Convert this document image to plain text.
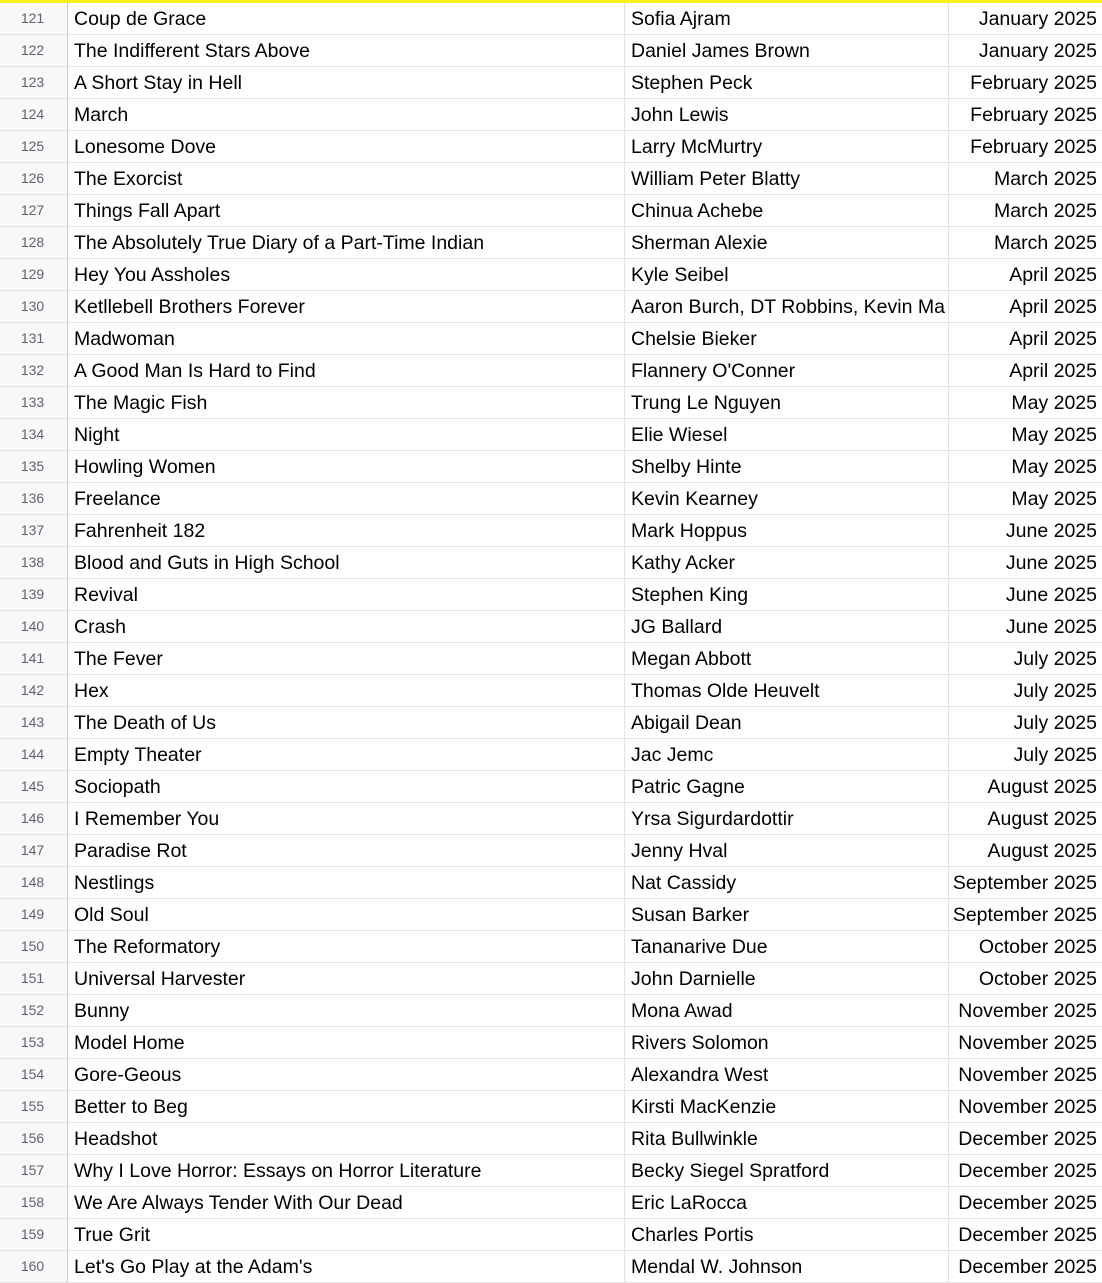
121	Coup de Grace	Sofia Ajram	January 2025
122	The Indifferent Stars Above	Daniel James Brown	January 2025
123	A Short Stay in Hell	Stephen Peck	February 2025
124	March	John Lewis	February 2025
125	Lonesome Dove	Larry McMurtry	February 2025
126	The Exorcist	William Peter Blatty	March 2025
127	Things Fall Apart	Chinua Achebe	March 2025
128	The Absolutely True Diary of a Part-Time Indian	Sherman Alexie	March 2025
129	Hey You Assholes	Kyle Seibel	April 2025
130	Ketllebell Brothers Forever	Aaron Burch, DT Robbins, Kevin Ma	April 2025
131	Madwoman	Chelsie Bieker	April 2025
132	A Good Man Is Hard to Find	Flannery O'Conner	April 2025
133	The Magic Fish	Trung Le Nguyen	May 2025
134	Night	Elie Wiesel	May 2025
135	Howling Women	Shelby Hinte	May 2025
136	Freelance	Kevin Kearney	May 2025
137	Fahrenheit 182	Mark Hoppus	June 2025
138	Blood and Guts in High School	Kathy Acker	June 2025
139	Revival	Stephen King	June 2025
140	Crash	JG Ballard	June 2025
141	The Fever	Megan Abbott	July 2025
142	Hex	Thomas Olde Heuvelt	July 2025
143	The Death of Us	Abigail Dean	July 2025
144	Empty Theater	Jac Jemc	July 2025
145	Sociopath	Patric Gagne	August 2025
146	I Remember You	Yrsa Sigurdardottir	August 2025
147	Paradise Rot	Jenny Hval	August 2025
148	Nestlings	Nat Cassidy	September 2025
149	Old Soul	Susan Barker	September 2025
150	The Reformatory	Tananarive Due	October 2025
151	Universal Harvester	John Darnielle	October 2025
152	Bunny	Mona Awad	November 2025
153	Model Home	Rivers Solomon	November 2025
154	Gore-Geous	Alexandra West	November 2025
155	Better to Beg	Kirsti MacKenzie	November 2025
156	Headshot	Rita Bullwinkle	December 2025
157	Why I Love Horror: Essays on Horror Literature	Becky Siegel Spratford	December 2025
158	We Are Always Tender With Our Dead	Eric LaRocca	December 2025
159	True Grit	Charles Portis	December 2025
160	Let's Go Play at the Adam's	Mendal W. Johnson	December 2025
